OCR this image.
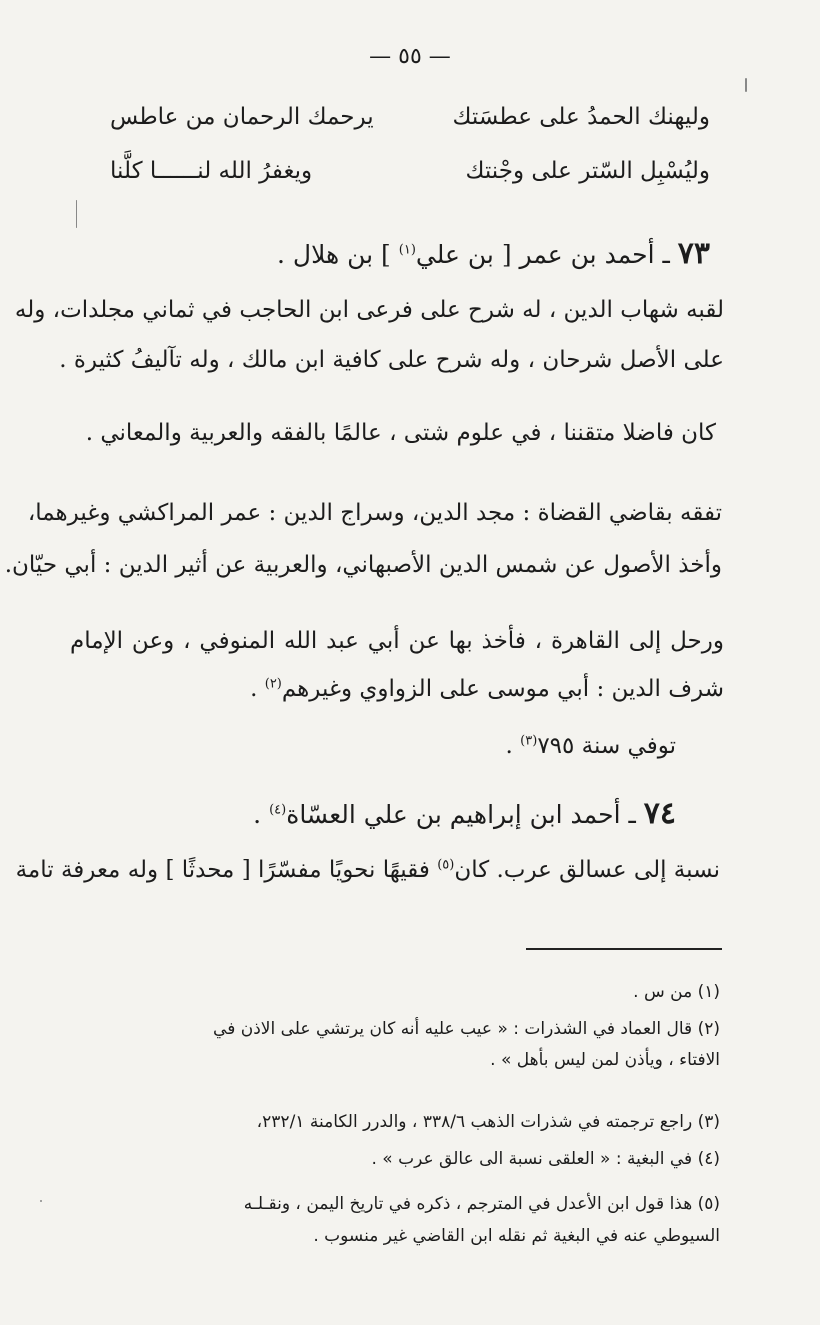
— ٥٥ —
وليهنك الحمدُ على عطسَتك
يرحمك الرحمان من عاطس
وليُسْبِل السّتر على وجْنتك
ويغفرُ الله لنــــــا كلَّنا
٧٣ ـ أحمد بن عمر [ بن علي$^{(١)}$ ] بن هلال .
لقبه شهاب الدين ، له شرح على فرعى ابن الحاجب في ثماني مجلدات، وله
على الأصل شرحان ، وله شرح على كافية ابن مالك ، وله تآليفُ كثيرة .
كان فاضلا متقننا ، في علوم شتى ، عالمًا بالفقه والعربية والمعاني .
تفقه بقاضي القضاة : مجد الدين، وسراج الدين : عمر المراكشي وغيرهما،
وأخذ الأصول عن شمس الدين الأصبهاني، والعربية عن أثير الدين : أبي حيّان.
ورحل إلى القاهرة ، فأخذ بها عن أبي عبد الله المنوفي ، وعن الإمام
شرف الدين : أبي موسى على الزواوي وغيرهم$^{(٢)}$ .
توفي سنة ٧٩٥$^{(٣)}$ .
٧٤ ـ أحمد ابن إبراهيم بن علي العسّاة$^{(٤)}$ .
نسبة إلى عسالق عرب. كان$^{(٥)}$ فقيهًا نحويًا مفسّرًا [ محدثًا ] وله معرفة تامة
(١) من س .
(٢) قال العماد في الشذرات : « عيب عليه أنه كان يرتشي على الاذن في
الافتاء ، ويأذن لمن ليس بأهل » .
(٣) راجع ترجمته في شذرات الذهب ٣٣٨/٦ ، والدرر الكامنة ٢٣٢/١،
(٤) في البغية : « العلقى نسبة الى عالق عرب » .
(٥) هذا قول ابن الأعدل في المترجم ، ذكره في تاريخ اليمن ، ونقـلـه
السيوطي عنه في البغية ثم نقله ابن القاضي غير منسوب .
